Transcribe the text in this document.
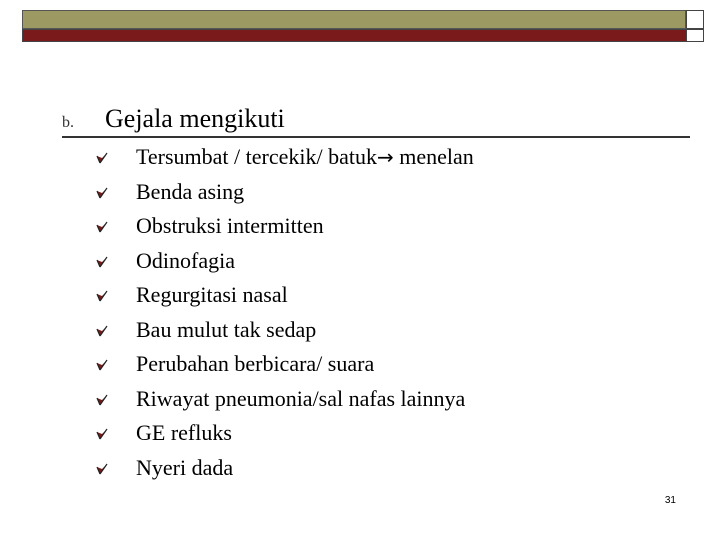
b. Gejala mengikuti
Tersumbat / tercekik/ batuk→ menelan
Benda asing
Obstruksi intermitten
Odinofagia
Regurgitasi nasal
Bau mulut tak sedap
Perubahan berbicara/ suara
Riwayat pneumonia/sal nafas lainnya
GE refluks
Nyeri dada
31
